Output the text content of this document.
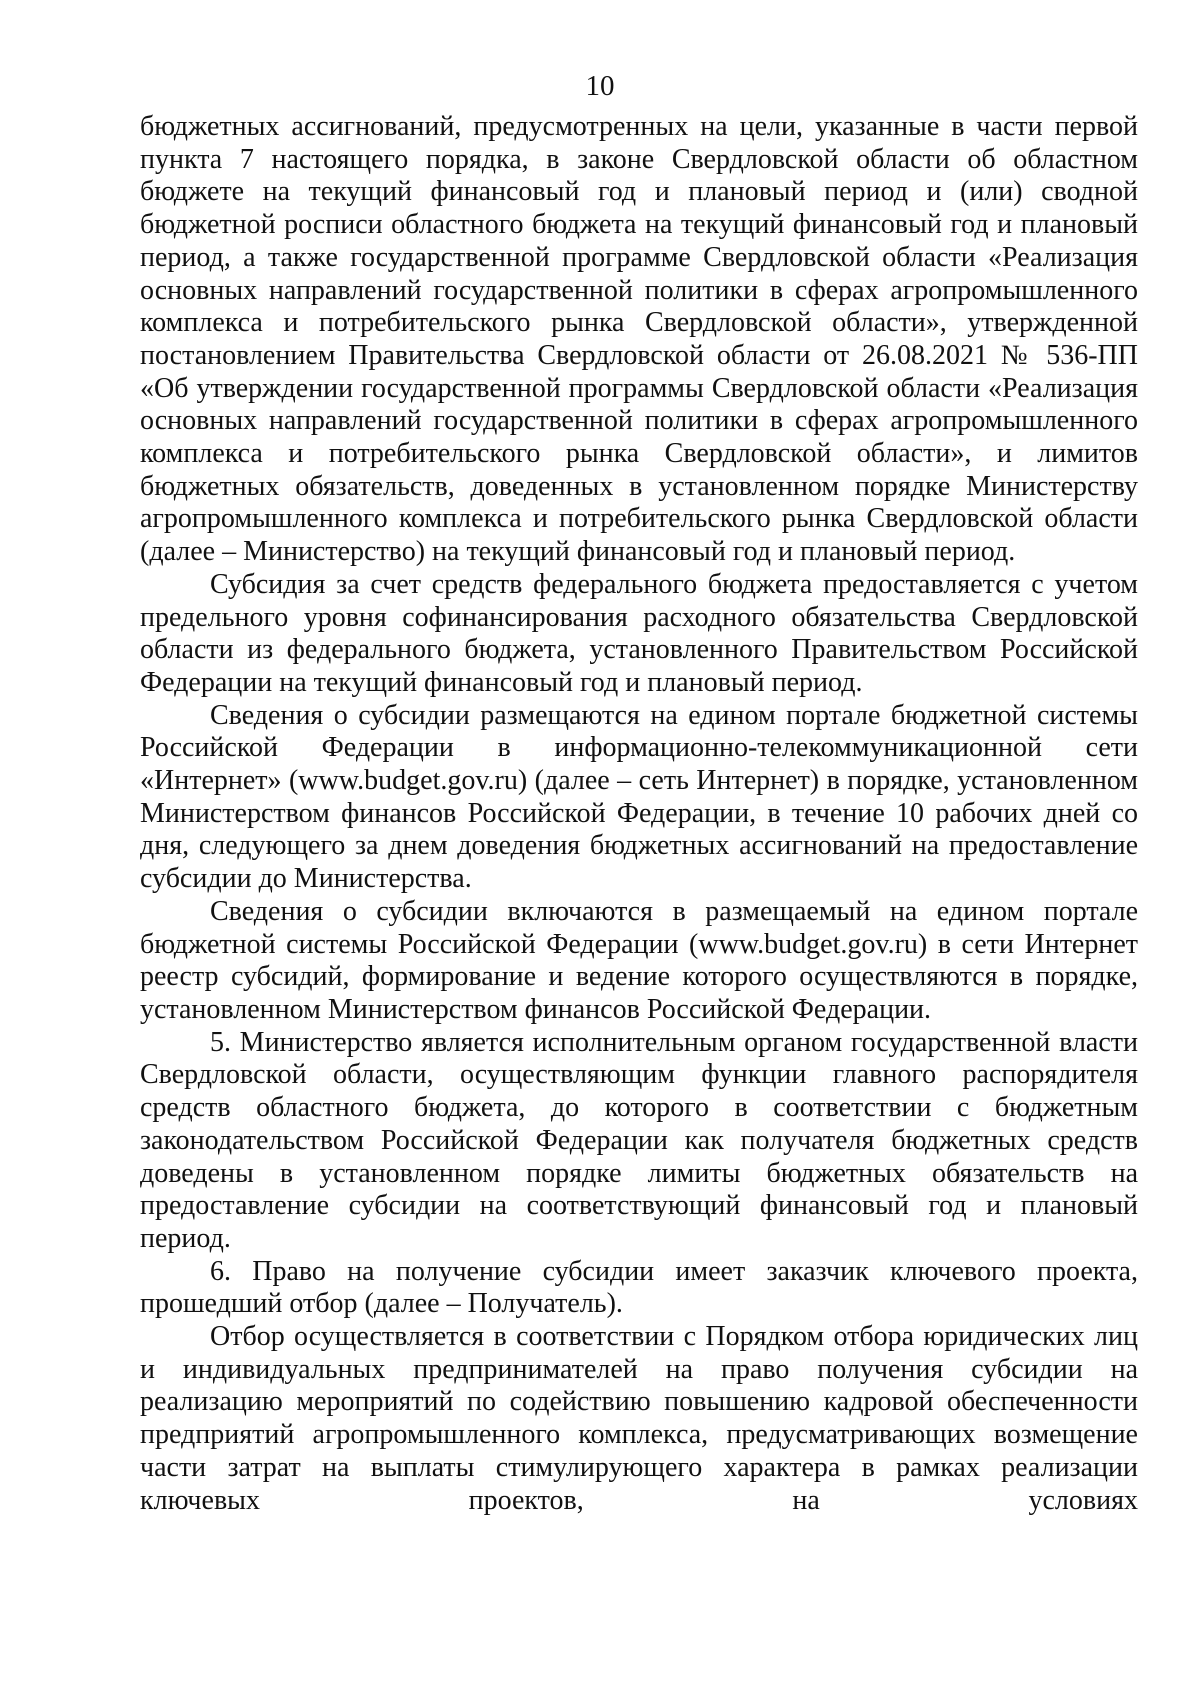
10

бюджетных ассигнований, предусмотренных на цели, указанные в части первой пункта 7 настоящего порядка, в законе Свердловской области об областном бюджете на текущий финансовый год и плановый период и (или) сводной бюджетной росписи областного бюджета на текущий финансовый год и плановый период, а также государственной программе Свердловской области «Реализация основных направлений государственной политики в сферах агропромышленного комплекса и потребительского рынка Свердловской области», утвержденной постановлением Правительства Свердловской области от 26.08.2021 № 536-ПП «Об утверждении государственной программы Свердловской области «Реализация основных направлений государственной политики в сферах агропромышленного комплекса и потребительского рынка Свердловской области», и лимитов бюджетных обязательств, доведенных в установленном порядке Министерству агропромышленного комплекса и потребительского рынка Свердловской области (далее – Министерство) на текущий финансовый год и плановый период.

Субсидия за счет средств федерального бюджета предоставляется с учетом предельного уровня софинансирования расходного обязательства Свердловской области из федерального бюджета, установленного Правительством Российской Федерации на текущий финансовый год и плановый период.

Сведения о субсидии размещаются на едином портале бюджетной системы Российской Федерации в информационно-телекоммуникационной сети «Интернет» (www.budget.gov.ru) (далее – сеть Интернет) в порядке, установленном Министерством финансов Российской Федерации, в течение 10 рабочих дней со дня, следующего за днем доведения бюджетных ассигнований на предоставление субсидии до Министерства.

Сведения о субсидии включаются в размещаемый на едином портале бюджетной системы Российской Федерации (www.budget.gov.ru) в сети Интернет реестр субсидий, формирование и ведение которого осуществляются в порядке, установленном Министерством финансов Российской Федерации.

5. Министерство является исполнительным органом государственной власти Свердловской области, осуществляющим функции главного распорядителя средств областного бюджета, до которого в соответствии с бюджетным законодательством Российской Федерации как получателя бюджетных средств доведены в установленном порядке лимиты бюджетных обязательств на предоставление субсидии на соответствующий финансовый год и плановый период.

6. Право на получение субсидии имеет заказчик ключевого проекта, прошедший отбор (далее – Получатель).

Отбор осуществляется в соответствии с Порядком отбора юридических лиц и индивидуальных предпринимателей на право получения субсидии на реализацию мероприятий по содействию повышению кадровой обеспеченности предприятий агропромышленного комплекса, предусматривающих возмещение части затрат на выплаты стимулирующего характера в рамках реализации ключевых проектов, на условиях
